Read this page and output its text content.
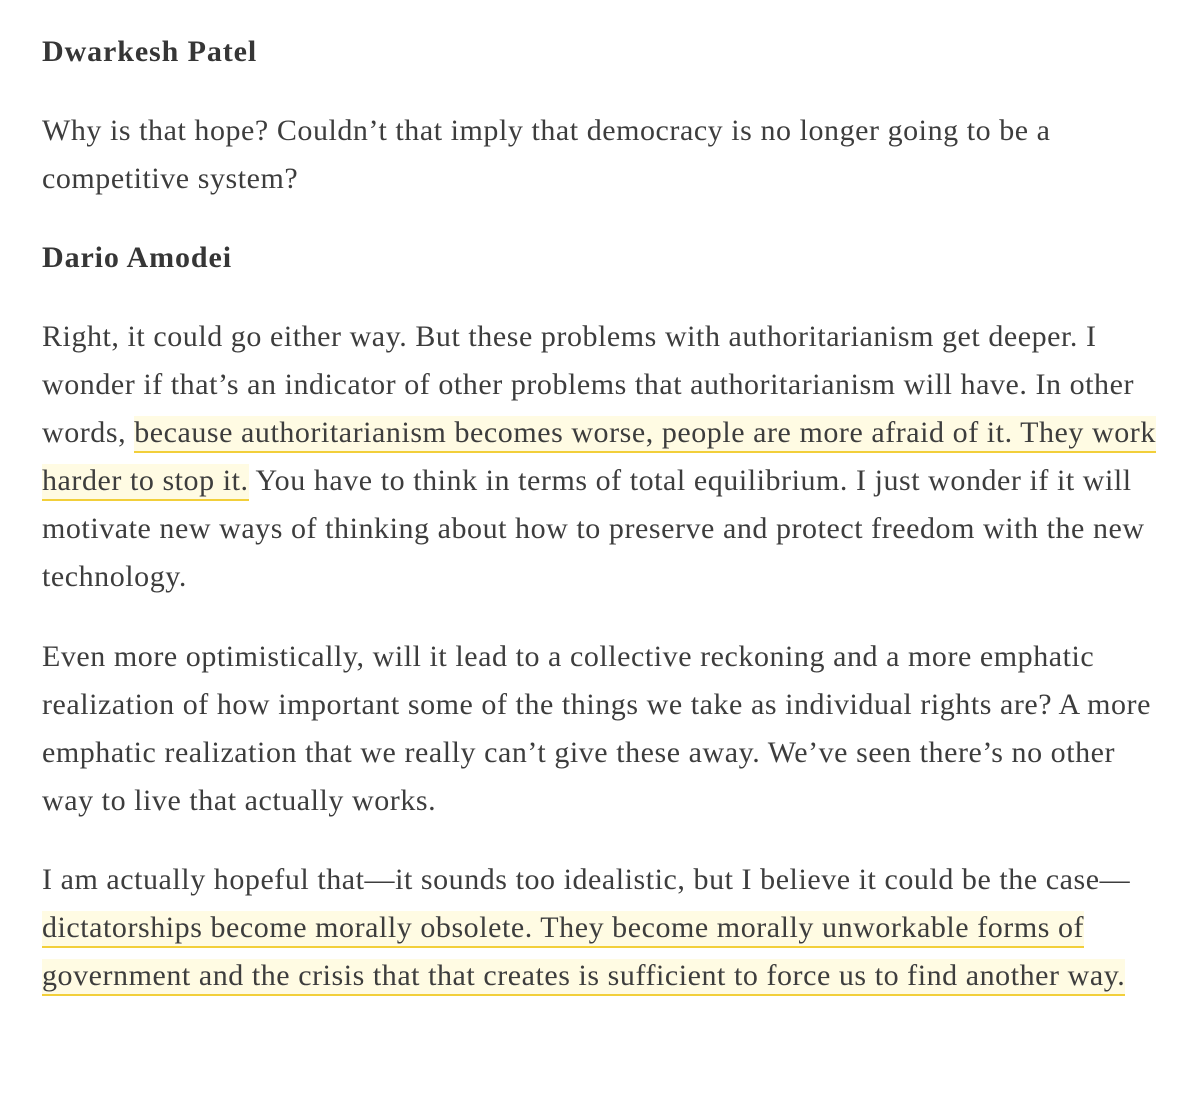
Dwarkesh Patel

Why is that hope? Couldn’t that imply that democracy is no longer going to be a competitive system?

Dario Amodei

Right, it could go either way. But these problems with authoritarianism get deeper. I wonder if that’s an indicator of other problems that authoritarianism will have. In other words, because authoritarianism becomes worse, people are more afraid of it. They work harder to stop it. You have to think in terms of total equilibrium. I just wonder if it will motivate new ways of thinking about how to preserve and protect freedom with the new technology.

Even more optimistically, will it lead to a collective reckoning and a more emphatic realization of how important some of the things we take as individual rights are? A more emphatic realization that we really can’t give these away. We’ve seen there’s no other way to live that actually works.

I am actually hopeful that—it sounds too idealistic, but I believe it could be the case—dictatorships become morally obsolete. They become morally unworkable forms of government and the crisis that that creates is sufficient to force us to find another way.
